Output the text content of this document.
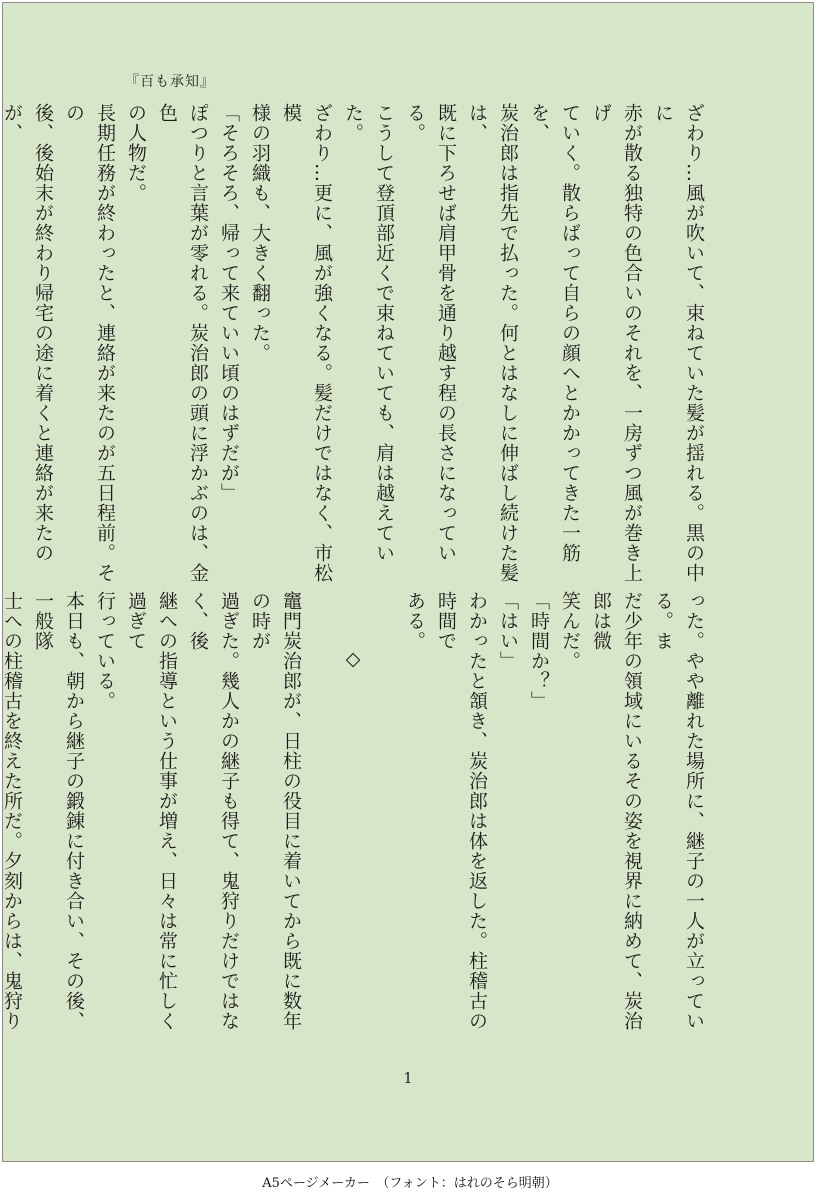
『百も承知』

ざわり…風が吹いて、束ねていた髪が揺れる。黒の中に

赤が散る独特の色合いのそれを、一房ずつ風が巻き上げ

ていく。散らばって自らの顔へとかかってきた一筋を、

炭治郎は指先で払った。何とはなしに伸ばし続けた髪は、

既に下ろせば肩甲骨を通り越す程の長さになっている。

こうして登頂部近くで束ねていても、肩は越えていた。

ざわり…更に、風が強くなる。髪だけではなく、市松模

様の羽織も、大きく翻った。

「そろそろ、帰って来ていい頃のはずだが」

ぽつりと言葉が零れる。炭治郎の頭に浮かぶのは、金色

の人物だ。

長期任務が終わったと、連絡が来たのが五日程前。その

後、後始末が終わり帰宅の途に着くと連絡が来たのが、

った。やや離れた場所に、継子の一人が立っている。ま

だ少年の領域にいるその姿を視界に納めて、炭治郎は微

笑んだ。

「時間か？」

「はい」

わかったと頷き、炭治郎は体を返した。柱稽古の時間で

ある。

◇

竈門炭治郎が、日柱の役目に着いてから既に数年の時が

過ぎた。幾人かの継子も得て、鬼狩りだけではなく、後

継への指導という仕事が増え、日々は常に忙しく過ぎて

行っている。

本日も、朝から継子の鍛錬に付き合い、その後、一般隊

士への柱稽古を終えた所だ。夕刻からは、鬼狩り

1
A5ページメーカー　（フォント：はれのそら明朝）
